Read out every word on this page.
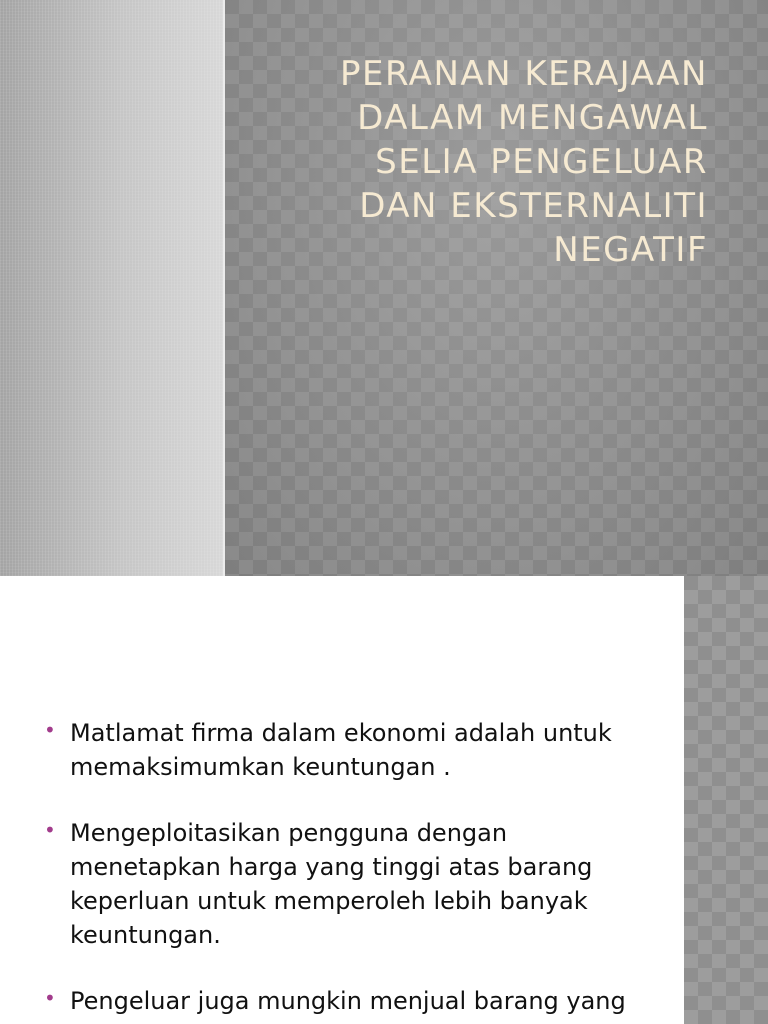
PERANAN KERAJAAN
DALAM MENGAWAL
SELIA PENGELUAR
DAN EKSTERNALITI
NEGATIF
• Matlamat firma dalam ekonomi adalah untuk memaksimumkan keuntungan .
• Mengeploitasikan pengguna dengan menetapkan harga yang tinggi atas barang keperluan untuk memperoleh lebih banyak keuntungan.
• Pengeluar juga mungkin menjual barang yang
